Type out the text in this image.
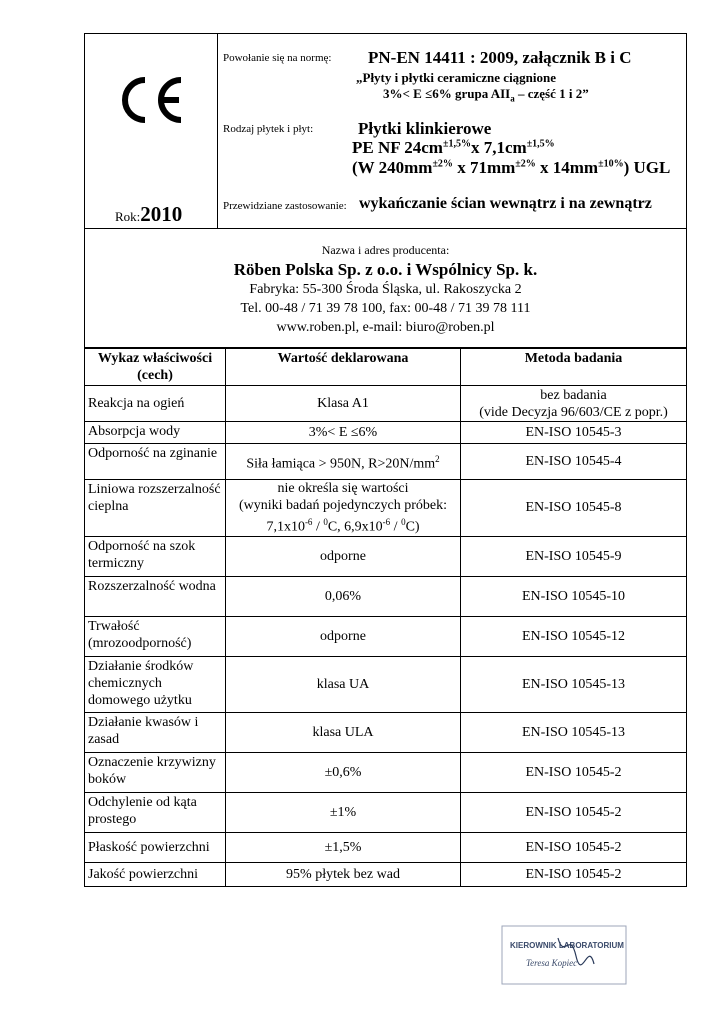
Rok:2010

Powołanie się na normę: PN-EN 14411 : 2009, załącznik B i C
„Płyty i płytki ceramiczne ciągnione
3%< E ≤6% grupa $AII_a$ – część 1 i 2”
Rodzaj płytek i płyt:	Płytki klinkierowe
PE NF $24cm^{\pm 1,5\%}x$ $7,1cm^{\pm 1,5\%}$
(W $240mm^{\pm 2\%}$ x $71mm^{\pm 2\%}$ x $14mm^{\pm 10\%}$) UGL
Przewidziane zastosowanie: wykańczanie ścian wewnątrz i na zewnątrz

Nazwa i adres producenta:
Röben Polska Sp. z o.o. i Wspólnicy Sp. k.
Fabryka: 55-300 Środa Śląska, ul. Rakoszycka 2
Tel. 00-48 / 71 39 78 100, fax: 00-48 / 71 39 78 111
www.roben.pl, e-mail: biuro@roben.pl
Wykaz właściwości (cech)	Wartość deklarowana	Metoda badania
Reakcja na ogień	Klasa A1	bez badania
(vide Decyzja 96/603/CE z popr.)
Absorpcja wody	3%< E ≤6%	EN-ISO 10545-3
Odporność na zginanie	Siła łamiąca > 950N, $R>20N/mm^2$	EN-ISO 10545-4
Liniowa rozszerzalność cieplna	nie określa się wartości
(wyniki badań pojedynczych próbek:
$7,1x10^{-6} / ^0C$, $6,9x10^{-6} / ^0C$)	EN-ISO 10545-8
Odporność na szok termiczny	odporne	EN-ISO 10545-9
Rozszerzalność wodna	0,06%	EN-ISO 10545-10
Trwałość (mrozoodporność)	odporne	EN-ISO 10545-12
Działanie środków chemicznych domowego użytku	klasa UA	EN-ISO 10545-13
Działanie kwasów i zasad	klasa ULA	EN-ISO 10545-13
Oznaczenie krzywizny boków	±0,6%	EN-ISO 10545-2
Odchylenie od kąta prostego	±1%	EN-ISO 10545-2
Płaskość powierzchni	±1,5%	EN-ISO 10545-2
Jakość powierzchni	95% płytek bez wad	EN-ISO 10545-2
KIEROWNIK LABORATORIUM
Teresa Kopiec
